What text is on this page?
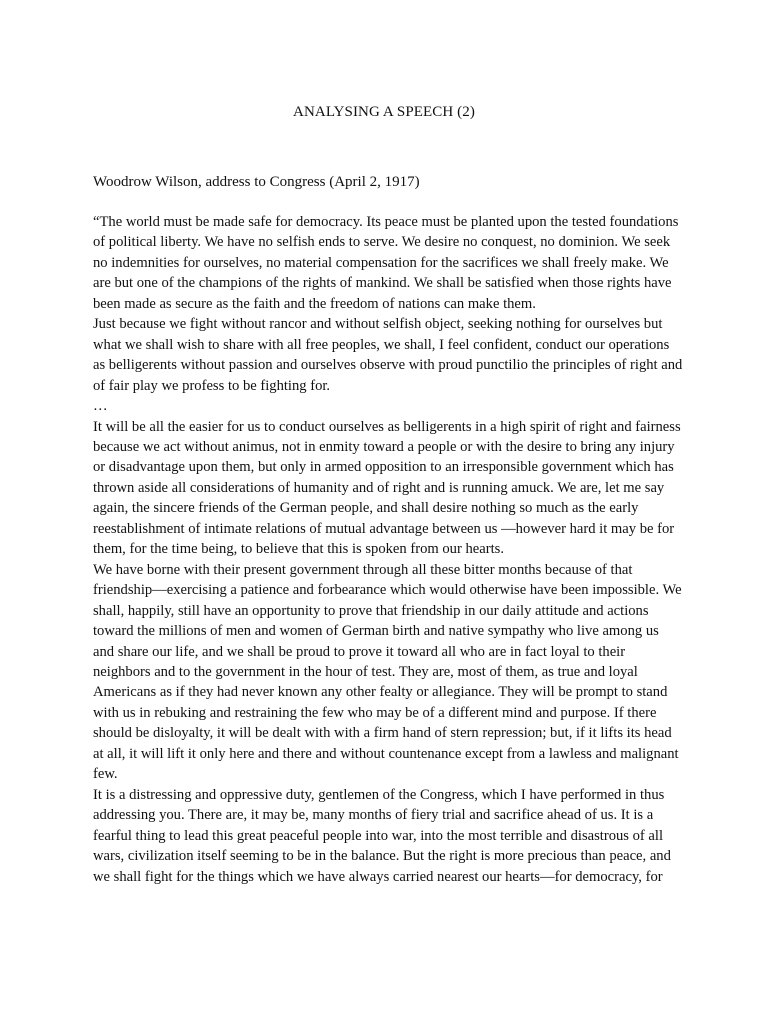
ANALYSING A SPEECH (2)
Woodrow Wilson, address to Congress (April 2, 1917)

“The world must be made safe for democracy. Its peace must be planted upon the tested foundations of political liberty. We have no selfish ends to serve. We desire no conquest, no dominion. We seek no indemnities for ourselves, no material compensation for the sacrifices we shall freely make. We are but one of the champions of the rights of mankind. We shall be satisfied when those rights have been made as secure as the faith and the freedom of nations can make them.

Just because we fight without rancor and without selfish object, seeking nothing for ourselves but what we shall wish to share with all free peoples, we shall, I feel confident, conduct our operations as belligerents without passion and ourselves observe with proud punctilio the principles of right and of fair play we profess to be fighting for.

…

It will be all the easier for us to conduct ourselves as belligerents in a high spirit of right and fairness because we act without animus, not in enmity toward a people or with the desire to bring any injury or disadvantage upon them, but only in armed opposition to an irresponsible government which has thrown aside all considerations of humanity and of right and is running amuck. We are, let me say again, the sincere friends of the German people, and shall desire nothing so much as the early reestablishment of intimate relations of mutual advantage between us —however hard it may be for them, for the time being, to believe that this is spoken from our hearts.

We have borne with their present government through all these bitter months because of that friendship—exercising a patience and forbearance which would otherwise have been impossible. We shall, happily, still have an opportunity to prove that friendship in our daily attitude and actions toward the millions of men and women of German birth and native sympathy who live among us and share our life, and we shall be proud to prove it toward all who are in fact loyal to their neighbors and to the government in the hour of test. They are, most of them, as true and loyal Americans as if they had never known any other fealty or allegiance. They will be prompt to stand with us in rebuking and restraining the few who may be of a different mind and purpose. If there should be disloyalty, it will be dealt with with a firm hand of stern repression; but, if it lifts its head at all, it will lift it only here and there and without countenance except from a lawless and malignant few.

It is a distressing and oppressive duty, gentlemen of the Congress, which I have performed in thus addressing you. There are, it may be, many months of fiery trial and sacrifice ahead of us. It is a fearful thing to lead this great peaceful people into war, into the most terrible and disastrous of all wars, civilization itself seeming to be in the balance. But the right is more precious than peace, and we shall fight for the things which we have always carried nearest our hearts—for democracy, for
